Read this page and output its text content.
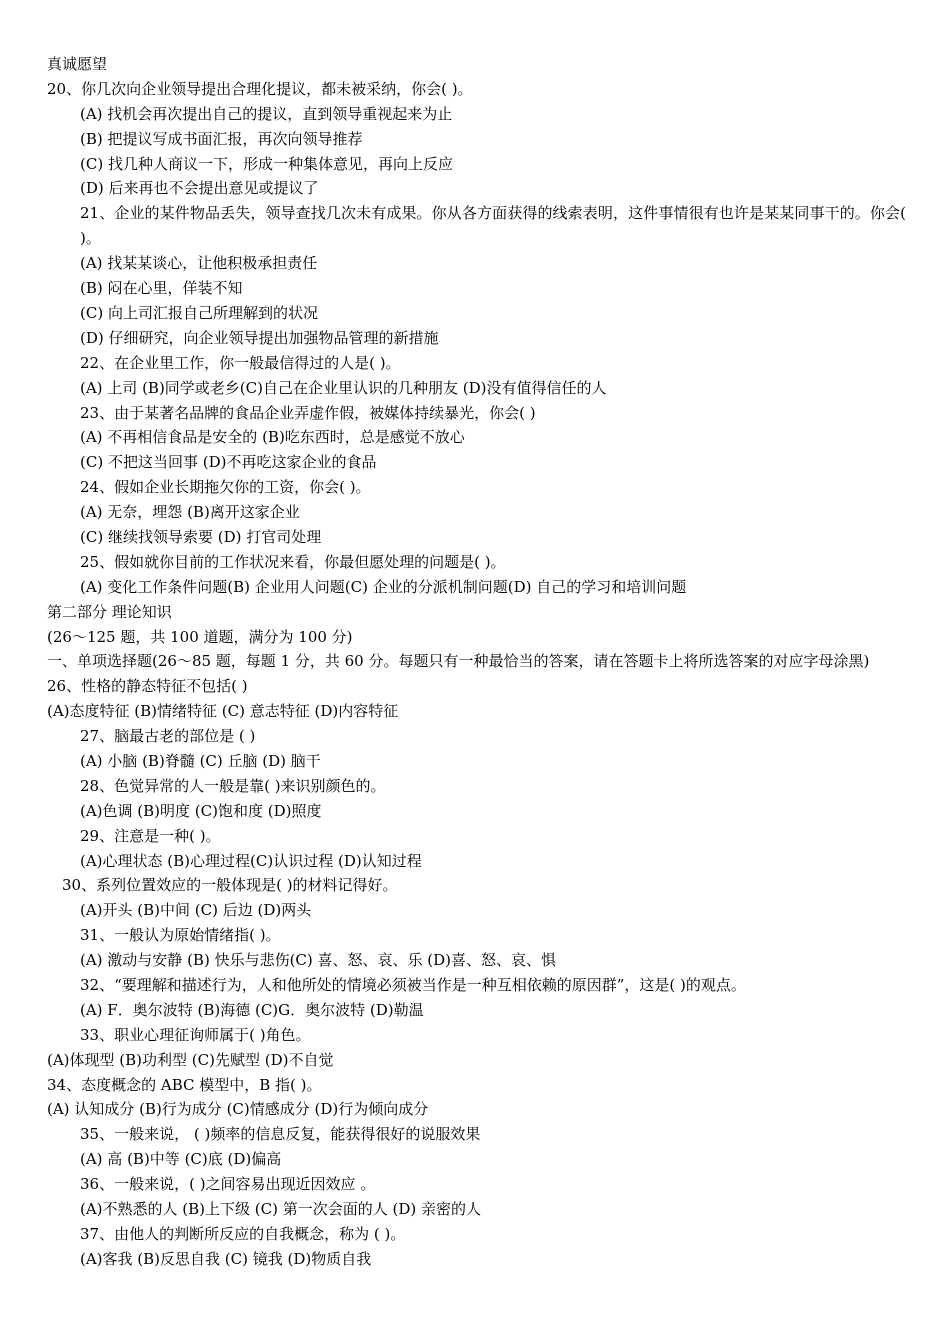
真诚愿望
20、你几次向企业领导提出合理化提议，都未被采纳，你会( )。
(A) 找机会再次提出自己的提议，直到领导重视起来为止
(B) 把提议写成书面汇报，再次向领导推荐
(C) 找几种人商议一下，形成一种集体意见，再向上反应
(D) 后来再也不会提出意见或提议了
21、企业的某件物品丢失，领导查找几次未有成果。你从各方面获得的线索表明，这件事情很有也许是某某同事干的。你会( )。
(A) 找某某谈心，让他积极承担责任
(B) 闷在心里，佯装不知
(C) 向上司汇报自己所理解到的状况
(D) 仔细研究，向企业领导提出加强物品管理的新措施
22、在企业里工作，你一般最信得过的人是( )。
(A) 上司 (B)同学或老乡(C)自己在企业里认识的几种朋友 (D)没有值得信任的人
23、由于某著名品牌的食品企业弄虚作假，被媒体持续暴光，你会( )
(A) 不再相信食品是安全的 (B)吃东西时，总是感觉不放心
(C) 不把这当回事 (D)不再吃这家企业的食品
24、假如企业长期拖欠你的工资，你会( )。
(A) 无奈，埋怨 (B)离开这家企业
(C) 继续找领导索要 (D) 打官司处理
25、假如就你目前的工作状况来看，你最但愿处理的问题是( )。
(A) 变化工作条件问题(B) 企业用人问题(C) 企业的分派机制问题(D) 自己的学习和培训问题
第二部分 理论知识
(26～125 题，共 100 道题，满分为 100 分)
一、单项选择题(26～85 题，每题 1 分，共 60 分。每题只有一种最恰当的答案，请在答题卡上将所选答案的对应字母涂黑)
26、性格的静态特征不包括( )
(A)态度特征 (B)情绪特征 (C) 意志特征 (D)内容特征
27、脑最古老的部位是 ( )
(A) 小脑 (B)脊髓 (C) 丘脑 (D) 脑干
28、色觉异常的人一般是靠( )来识别颜色的。
(A)色调 (B)明度 (C)饱和度 (D)照度
29、注意是一种( )。
(A)心理状态 (B)心理过程(C)认识过程 (D)认知过程
30、系列位置效应的一般体现是( )的材料记得好。
(A)开头 (B)中间 (C) 后边 (D)两头
31、一般认为原始情绪指( )。
(A) 激动与安静 (B) 快乐与悲伤(C) 喜、怒、哀、乐 (D)喜、怒、哀、惧
32、“要理解和描述行为，人和他所处的情境必须被当作是一种互相依赖的原因群”，这是( )的观点。
(A) F．奥尔波特 (B)海德 (C)G．奥尔波特 (D)勒温
33、职业心理征询师属于( )角色。
(A)体现型 (B)功利型 (C)先赋型 (D)不自觉
34、态度概念的 ABC 模型中，B 指( )。
(A) 认知成分 (B)行为成分 (C)情感成分 (D)行为倾向成分
35、一般来说， ( )频率的信息反复，能获得很好的说服效果
(A) 高 (B)中等 (C)底 (D)偏高
36、一般来说，( )之间容易出现近因效应 。
(A)不熟悉的人 (B)上下级 (C) 第一次会面的人 (D) 亲密的人
37、由他人的判断所反应的自我概念，称为 ( )。
(A)客我 (B)反思自我 (C) 镜我 (D)物质自我
